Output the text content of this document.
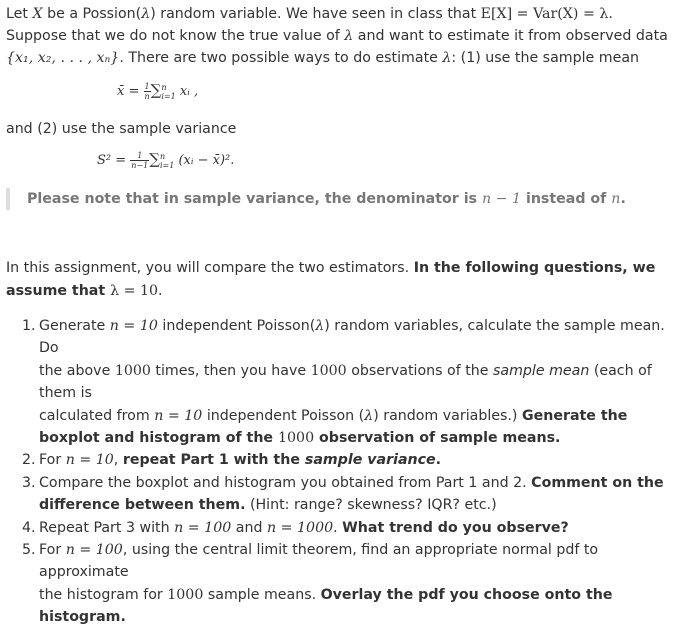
Let X be a Possion(λ) random variable. We have seen in class that E[X] = Var(X) = λ.
Suppose that we do not know the true value of λ and want to estimate it from observed data
{x₁, x₂, . . . , xₙ}. There are two possible ways to do estimate λ: (1) use the sample mean
x̄ = $\frac{1}{n}$ ∑ n
i=1 xᵢ ,
and (2) use the sample variance
$S^2 = \frac{1}{n-1}$ ∑ n
i=1 (xᵢ − x̄)².
Please note that in sample variance, the denominator is n − 1 instead of n.
In this assignment, you will compare the two estimators. In the following questions, we
assume that λ = 10.
1. Generate n = 10 independent Poisson(λ) random variables, calculate the sample mean. Do
the above 1000 times, then you have 1000 observations of the sample mean (each of them is
calculated from n = 10 independent Poisson (λ) random variables.) Generate the
boxplot and histogram of the 1000 observation of sample means.
2. For n = 10, repeat Part 1 with the sample variance.
3. Compare the boxplot and histogram you obtained from Part 1 and 2. Comment on the
difference between them. (Hint: range? skewness? IQR? etc.)
4. Repeat Part 3 with n = 100 and n = 1000. What trend do you observe?
5. For n = 100, using the central limit theorem, find an appropriate normal pdf to approximate
the histogram for 1000 sample means. Overlay the pdf you choose onto the histogram.
